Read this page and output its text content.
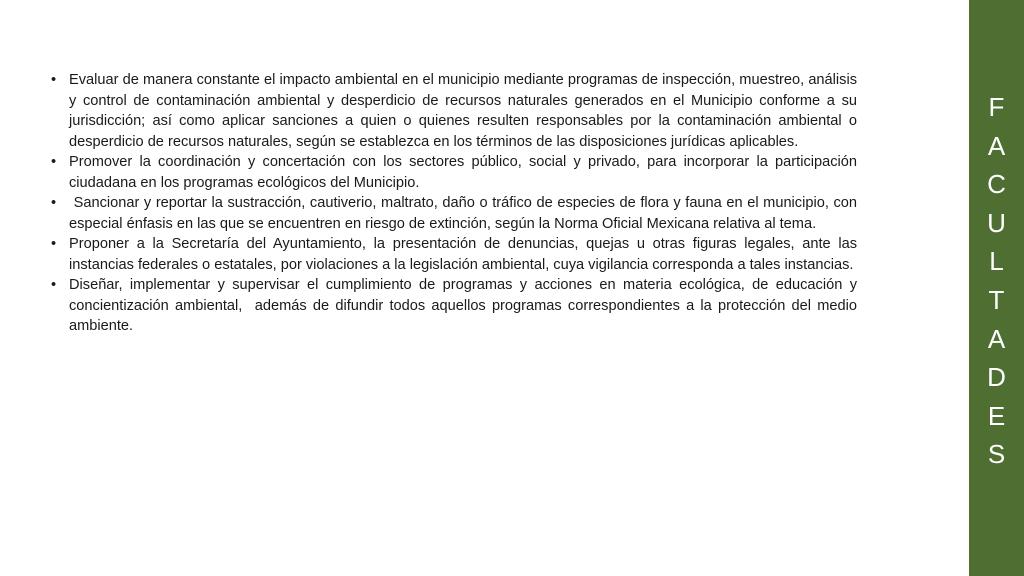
• Evaluar de manera constante el impacto ambiental en el municipio mediante programas de inspección, muestreo, análisis y control de contaminación ambiental y desperdicio de recursos naturales generados en el Municipio conforme a su jurisdicción; así como aplicar sanciones a quien o quienes resulten responsables por la contaminación ambiental o desperdicio de recursos naturales, según se establezca en los términos de las disposiciones jurídicas aplicables.
• Promover la coordinación y concertación con los sectores público, social y privado, para incorporar la participación ciudadana en los programas ecológicos del Municipio.
•  Sancionar y reportar la sustracción, cautiverio, maltrato, daño o tráfico de especies de flora y fauna en el municipio, con especial énfasis en las que se encuentren en riesgo de extinción, según la Norma Oficial Mexicana relativa al tema.
• Proponer a la Secretaría del Ayuntamiento, la presentación de denuncias, quejas u otras figuras legales, ante las instancias federales o estatales, por violaciones a la legislación ambiental, cuya vigilancia corresponda a tales instancias.
• Diseñar, implementar y supervisar el cumplimiento de programas y acciones en materia ecológica, de educación y concientización ambiental,  además de difundir todos aquellos programas correspondientes a la protección del medio ambiente.
F
A
C
U
L
T
A
D
E
S
